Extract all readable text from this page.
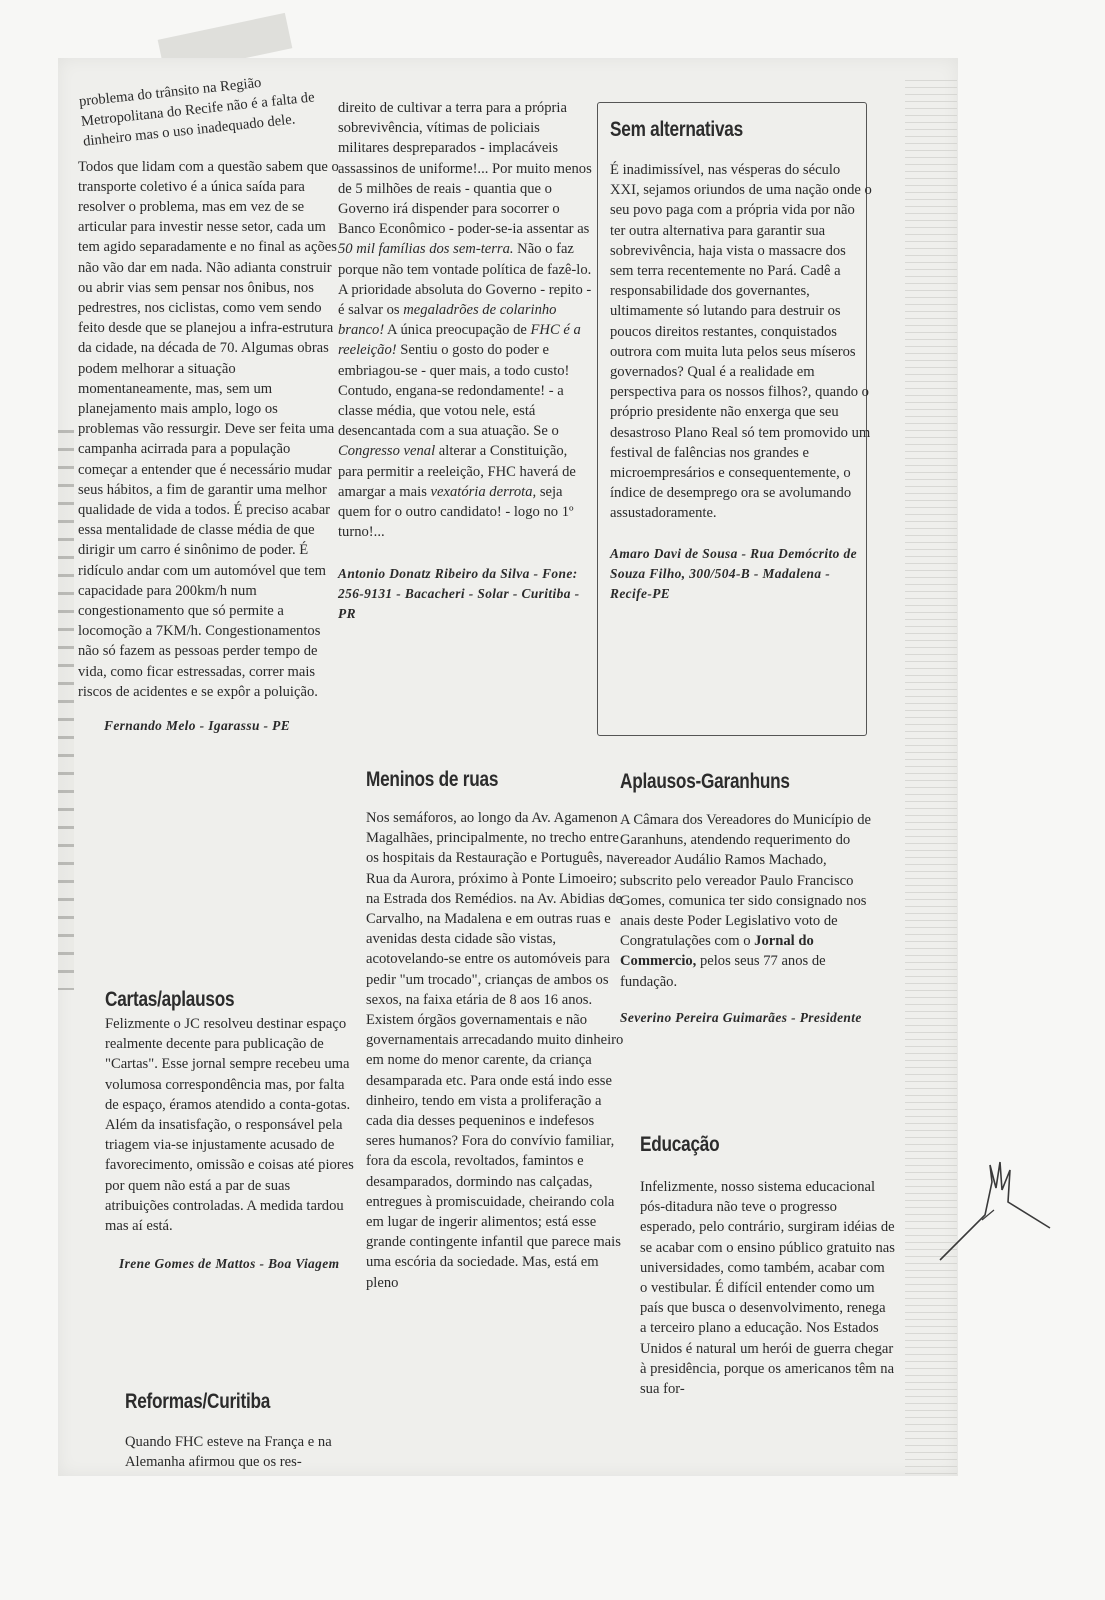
problema do trânsito na Região Metropolitana do Recife não é a falta de dinheiro mas o uso inadequado dele.
Todos que lidam com a questão sabem que o transporte coletivo é a única saída para resolver o problema, mas em vez de se articular para investir nesse setor, cada um tem agido separadamente e no final as ações não vão dar em nada. Não adianta construir ou abrir vias sem pensar nos ônibus, nos pedrestres, nos ciclistas, como vem sendo feito desde que se planejou a infra-estrutura da cidade, na década de 70. Algumas obras podem melhorar a situação momentaneamente, mas, sem um planejamento mais amplo, logo os problemas vão ressurgir. Deve ser feita uma campanha acirrada para a população começar a entender que é necessário mudar seus hábitos, a fim de garantir uma melhor qualidade de vida a todos. É preciso acabar essa mentalidade de classe média de que dirigir um carro é sinônimo de poder. É ridículo andar com um automóvel que tem capacidade para 200km/h num congestionamento que só permite a locomoção a 7KM/h. Congestionamentos não só fazem as pessoas perder tempo de vida, como ficar estressadas, correr mais riscos de acidentes e se expôr a poluição.
Fernando Melo - Igarassu - PE
direito de cultivar a terra para a própria sobrevivência, vítimas de policiais militares despreparados - implacáveis assassinos de uniforme!... Por muito menos de 5 milhões de reais - quantia que o Governo irá dispender para socorrer o Banco Econômico - poder-se-ia assentar as 50 mil famílias dos sem-terra. Não o faz porque não tem vontade política de fazê-lo. A prioridade absoluta do Governo - repito - é salvar os megaladrões de colarinho branco! A única preocupação de FHC é a reeleição! Sentiu o gosto do poder e embriagou-se - quer mais, a todo custo! Contudo, engana-se redondamente! - a classe média, que votou nele, está desencantada com a sua atuação. Se o Congresso venal alterar a Constituição, para permitir a reeleição, FHC haverá de amargar a mais vexatória derrota, seja quem for o outro candidato! - logo no 1º turno!...
Antonio Donatz Ribeiro da Silva - Fone: 256-9131 - Bacacheri - Solar - Curitiba - PR
Sem alternativas
É inadimissível, nas vésperas do século XXI, sejamos oriundos de uma nação onde o seu povo paga com a própria vida por não ter outra alternativa para garantir sua sobrevivência, haja vista o massacre dos sem terra recentemente no Pará. Cadê a responsabilidade dos governantes, ultimamente só lutando para destruir os poucos direitos restantes, conquistados outrora com muita luta pelos seus míseros governados? Qual é a realidade em perspectiva para os nossos filhos?, quando o próprio presidente não enxerga que seu desastroso Plano Real só tem promovido um festival de falências nos grandes e microempresários e consequentemente, o índice de desemprego ora se avolumando assustadoramente.
Amaro Davi de Sousa - Rua Demócrito de Souza Filho, 300/504-B - Madalena - Recife-PE
Meninos de ruas
Nos semáforos, ao longo da Av. Agamenon Magalhães, principalmente, no trecho entre os hospitais da Restauração e Português, na Rua da Aurora, próximo à Ponte Limoeiro; na Estrada dos Remédios. na Av. Abidias de Carvalho, na Madalena e em outras ruas e avenidas desta cidade são vistas, acotovelando-se entre os automóveis para pedir "um trocado", crianças de ambos os sexos, na faixa etária de 8 aos 16 anos. Existem órgãos governamentais e não governamentais arrecadando muito dinheiro em nome do menor carente, da criança desamparada etc. Para onde está indo esse dinheiro, tendo em vista a proliferação a cada dia desses pequeninos e indefesos seres humanos? Fora do convívio familiar, fora da escola, revoltados, famintos e desamparados, dormindo nas calçadas, entregues à promiscuidade, cheirando cola em lugar de ingerir alimentos; está esse grande contingente infantil que parece mais uma escória da sociedade. Mas, está em pleno
Aplausos-Garanhuns
A Câmara dos Vereadores do Município de Garanhuns, atendendo requerimento do vereador Audálio Ramos Machado, subscrito pelo vereador Paulo Francisco Gomes, comunica ter sido consignado nos anais deste Poder Legislativo voto de Congratulações com o Jornal do Commercio, pelos seus 77 anos de fundação.
Severino Pereira Guimarães - Presidente
Cartas/aplausos
Felizmente o JC resolveu destinar espaço realmente decente para publicação de "Cartas". Esse jornal sempre recebeu uma volumosa correspondência mas, por falta de espaço, éramos atendido a conta-gotas. Além da insatisfação, o responsável pela triagem via-se injustamente acusado de favorecimento, omissão e coisas até piores por quem não está a par de suas atribuições controladas. A medida tardou mas aí está.
Irene Gomes de Mattos - Boa Viagem
Reformas/Curitiba
Quando FHC esteve na França e na Alemanha afirmou que os res-
Educação
Infelizmente, nosso sistema educacional pós-ditadura não teve o progresso esperado, pelo contrário, surgiram idéias de se acabar com o ensino público gratuito nas universidades, como também, acabar com o vestibular. É difícil entender como um país que busca o desenvolvimento, renega a terceiro plano a educação. Nos Estados Unidos é natural um herói de guerra chegar à presidência, porque os americanos têm na sua for-
